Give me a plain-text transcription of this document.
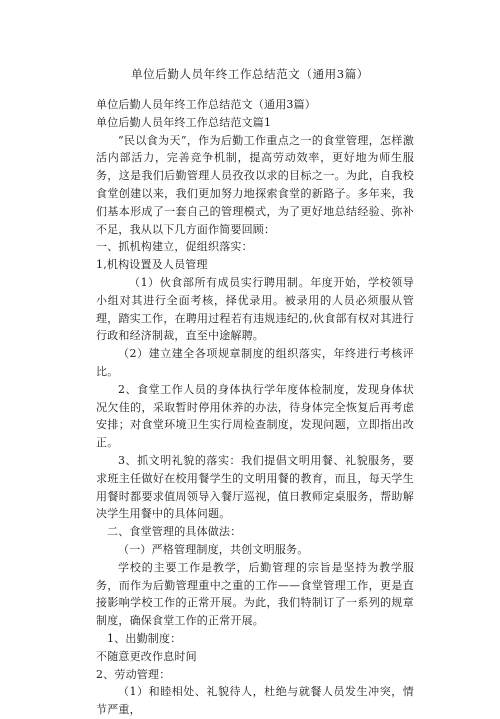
单位后勤人员年终工作总结范文（通用3篇）

单位后勤人员年终工作总结范文（通用3篇）

单位后勤人员年终工作总结范文篇1

“民以食为天”，作为后勤工作重点之一的食堂管理，怎样激活内部活力，完善竞争机制，提高劳动效率，更好地为师生服务，这是我们后勤管理人员孜孜以求的目标之一。为此，自我校食堂创建以来，我们更加努力地探索食堂的新路子。多年来，我们基本形成了一套自己的管理模式，为了更好地总结经验、弥补不足，我从以下几方面作简要回顾：

一、抓机构建立，促组织落实：

1,机构设置及人员管理

（1）伙食部所有成员实行聘用制。年度开始，学校领导小组对其进行全面考核，择优录用。被录用的人员必须服从管理，踏实工作，在聘用过程若有违规违纪的,伙食部有权对其进行行政和经济制裁，直至中途解聘。

（2）建立建全各项规章制度的组织落实，年终进行考核评比。

2、食堂工作人员的身体执行学年度体检制度，发现身体状况欠佳的，采取暂时停用休养的办法，待身体完全恢复后再考虑安排；对食堂环境卫生实行周检查制度，发现问题，立即指出改正。

3、抓文明礼貌的落实：我们提倡文明用餐、礼貌服务，要求班主任做好在校用餐学生的文明用餐的教育，而且，每天学生用餐时都要求值周领导入餐厅巡视，值日教师定桌服务，帮助解决学生用餐中的具体问题。

二、食堂管理的具体做法：

（一）严格管理制度，共创文明服务。

学校的主要工作是教学，后勤管理的宗旨是坚持为教学服务，而作为后勤管理重中之重的工作——食堂管理工作，更是直接影响学校工作的正常开展。为此，我们特制订了一系列的规章制度，确保食堂工作的正常开展。

1、出勤制度：

不随意更改作息时间

2、劳动管理：

（1）和睦相处、礼貌待人，杜绝与就餐人员发生冲突，情节严重，
